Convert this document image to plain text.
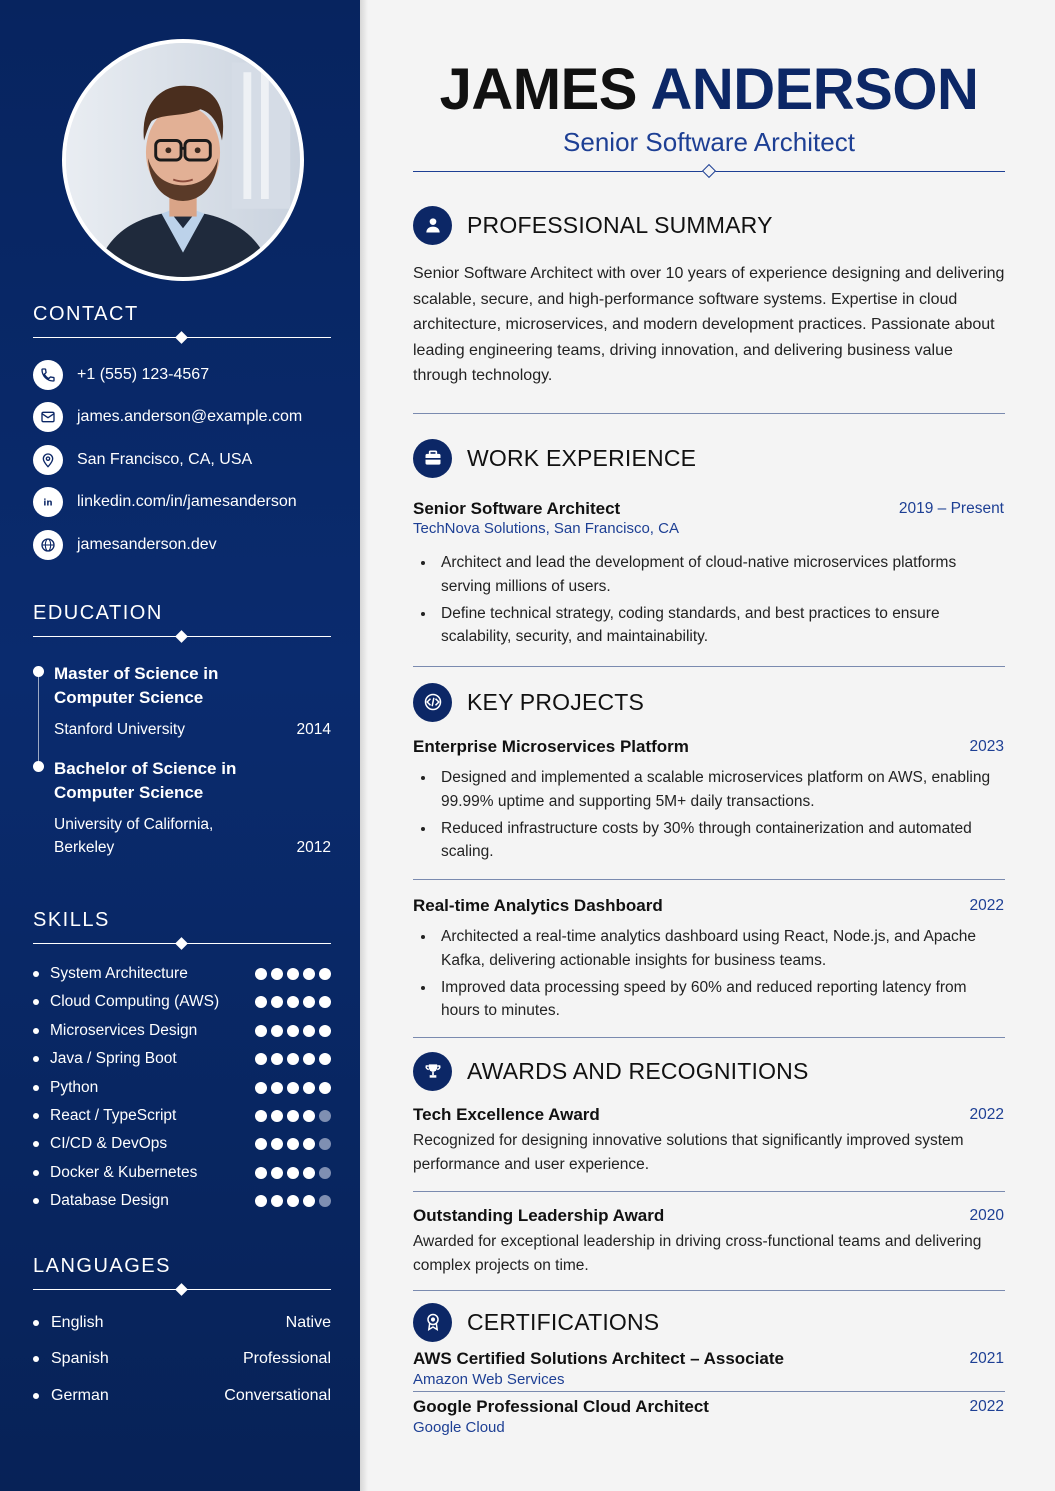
CONTACT
+1 (555) 123-4567
james.anderson@example.com
San Francisco, CA, USA
in linkedin.com/in/jamesanderson
jamesanderson.dev
EDUCATION
Master of Science in Computer Science
Stanford University	2014
Bachelor of Science in Computer Science
University of California, Berkeley	2012
SKILLS
System Architecture
Cloud Computing (AWS)
Microservices Design
Java / Spring Boot
Python
React / TypeScript
CI/CD & DevOps
Docker & Kubernetes
Database Design
LANGUAGES
English	Native
Spanish	Professional
German	Conversational
JAMES ANDERSON
Senior Software Architect
PROFESSIONAL SUMMARY
Senior Software Architect with over 10 years of experience designing and delivering scalable, secure, and high-performance software systems. Expertise in cloud architecture, microservices, and modern development practices. Passionate about leading engineering teams, driving innovation, and delivering business value through technology.
WORK EXPERIENCE
Senior Software Architect	2019 – Present
TechNova Solutions, San Francisco, CA
Architect and lead the development of cloud-native microservices platforms serving millions of users.
Define technical strategy, coding standards, and best practices to ensure scalability, security, and maintainability.
KEY PROJECTS
Enterprise Microservices Platform	2023
Designed and implemented a scalable microservices platform on AWS, enabling 99.99% uptime and supporting 5M+ daily transactions.
Reduced infrastructure costs by 30% through containerization and automated scaling.
Real-time Analytics Dashboard	2022
Architected a real-time analytics dashboard using React, Node.js, and Apache Kafka, delivering actionable insights for business teams.
Improved data processing speed by 60% and reduced reporting latency from hours to minutes.
AWARDS AND RECOGNITIONS
Tech Excellence Award	2022
Recognized for designing innovative solutions that significantly improved system performance and user experience.
Outstanding Leadership Award	2020
Awarded for exceptional leadership in driving cross-functional teams and delivering complex projects on time.
CERTIFICATIONS
AWS Certified Solutions Architect – Associate	2021
Amazon Web Services
Google Professional Cloud Architect	2022
Google Cloud
